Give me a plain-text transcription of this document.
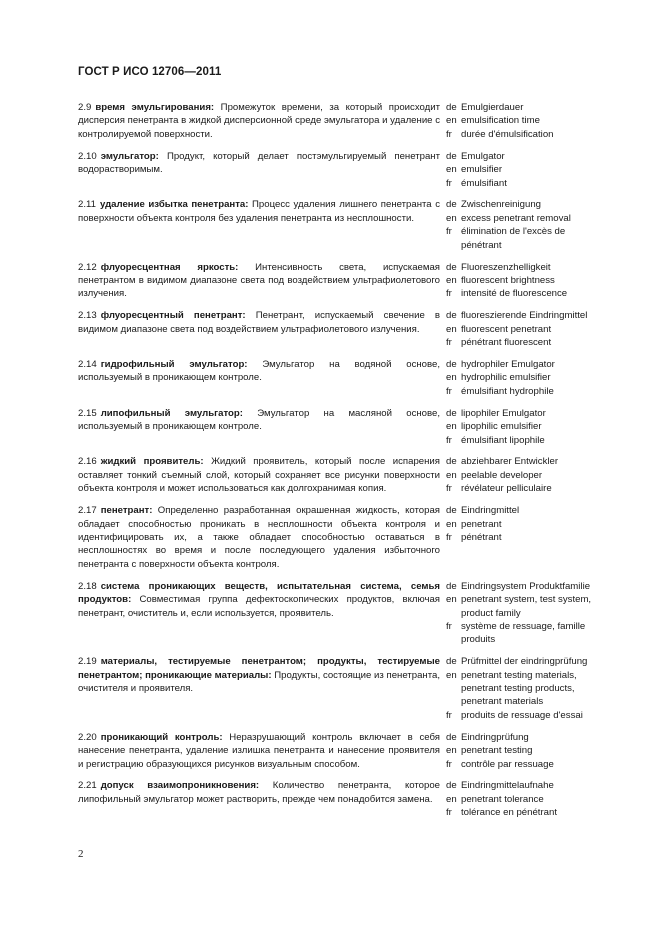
ГОСТ Р ИСО 12706—2011
2.9 время эмульгирования: Промежуток времени, за который происходит дисперсия пенетранта в жидкой дисперсионной среде эмульгатора и удаление с контролируемой поверхности.
de Emulgierdauer
en emulsification time
fr durée d'émulsification
2.10 эмульгатор: Продукт, который делает постэмульгируемый пенетрант водорастворимым.
de Emulgator
en emulsifier
fr émulsifiant
2.11 удаление избытка пенетранта: Процесс удаления лишнего пенетранта с поверхности объекта контроля без удаления пенетранта из несплошности.
de Zwischenreinigung
en excess penetrant removal
fr élimination de l'excès de pénétrant
2.12 флуоресцентная яркость: Интенсивность света, испускаемая пенетрантом в видимом диапазоне света под воздействием ультрафиолетового излучения.
de Fluoreszenzhelligkeit
en fluorescent brightness
fr intensité de fluorescence
2.13 флуоресцентный пенетрант: Пенетрант, испускаемый свечение в видимом диапазоне света под воздействием ультрафиолетового излучения.
de fluoreszierende Eindringmittel
en fluorescent penetrant
fr pénétrant fluorescent
2.14 гидрофильный эмульгатор: Эмульгатор на водяной основе, используемый в проникающем контроле.
de hydrophiler Emulgator
en hydrophilic emulsifier
fr émulsifiant hydrophile
2.15 липофильный эмульгатор: Эмульгатор на масляной основе, используемый в проникающем контроле.
de lipophiler Emulgator
en lipophilic emulsifier
fr émulsifiant lipophile
2.16 жидкий проявитель: Жидкий проявитель, который после испарения оставляет тонкий съемный слой, который сохраняет все рисунки поверхности объекта контроля и может использоваться как долгохранимая копия.
de abziehbarer Entwickler
en peelable developer
fr révélateur pelliculaire
2.17 пенетрант: Определенно разработанная окрашенная жидкость, которая обладает способностью проникать в несплошности объекта контроля и идентифицировать их, а также обладает способностью оставаться в несплошностях во время и после последующего удаления избыточного пенетранта с поверхности объекта контроля.
de Eindringmittel
en penetrant
fr pénétrant
2.18 система проникающих веществ, испытательная система, семья продуктов: Совместимая группа дефектоскопических продуктов, включая пенетрант, очиститель и, если используется, проявитель.
de Eindringsystem Produktfamilie
en penetrant system, test system, product family
fr système de ressuage, famille produits
2.19 материалы, тестируемые пенетрантом; продукты, тестируемые пенетрантом; проникающие материалы: Продукты, состоящие из пенетранта, очистителя и проявителя.
de Prüfmittel der eindringprüfung
en penetrant testing materials, penetrant testing products, penetrant materials
fr produits de ressuage d'essai
2.20 проникающий контроль: Неразрушающий контроль включает в себя нанесение пенетранта, удаление излишка пенетранта и нанесение проявителя и регистрацию образующихся рисунков визуальным способом.
de Eindringprüfung
en penetrant testing
fr contrôle par ressuage
2.21 допуск взаимопроникновения: Количество пенетранта, которое липофильный эмульгатор может растворить, прежде чем понадобится замена.
de Eindringmittelaufnahe
en penetrant tolerance
fr tolérance en pénétrant
2
